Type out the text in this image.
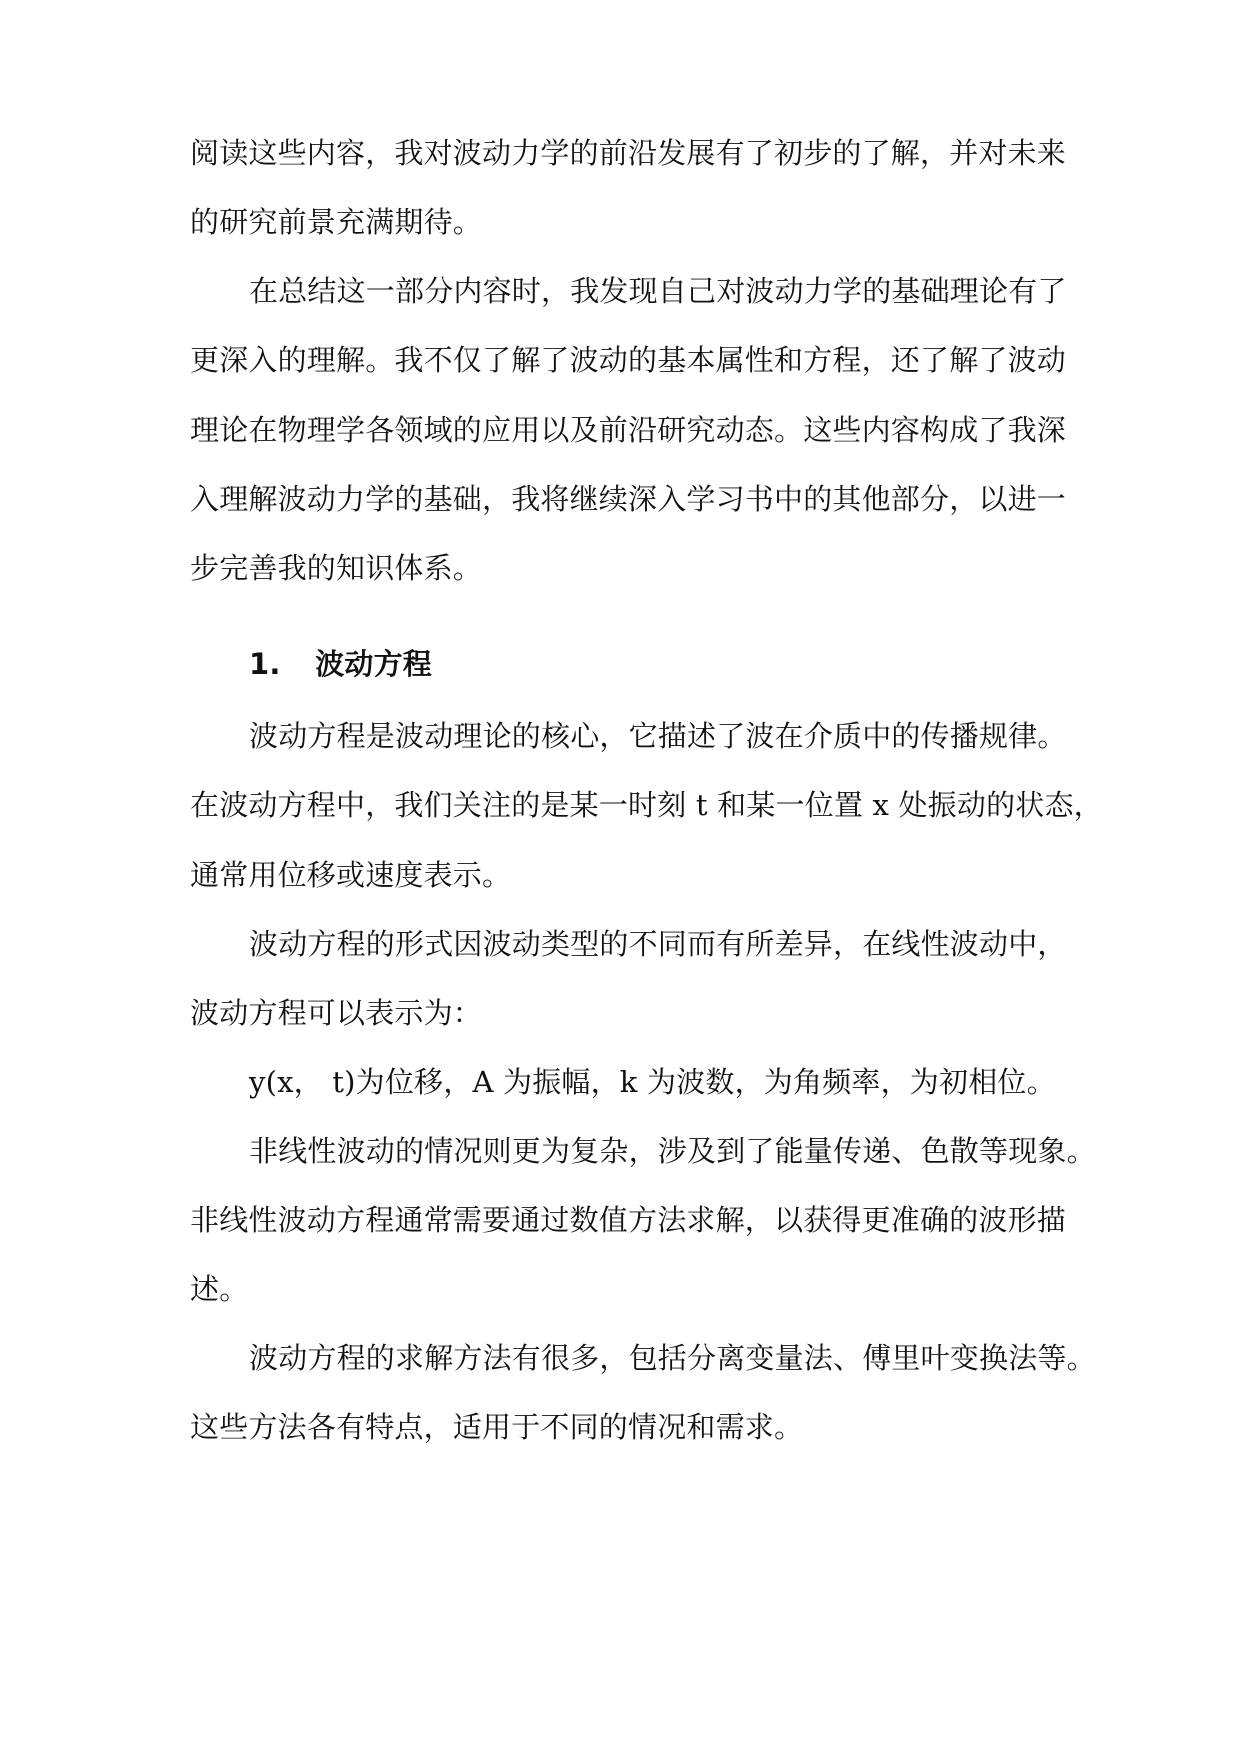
阅读这些内容，我对波动力学的前沿发展有了初步的了解，并对未来
的研究前景充满期待。
在总结这一部分内容时，我发现自己对波动力学的基础理论有了
更深入的理解。我不仅了解了波动的基本属性和方程，还了解了波动
理论在物理学各领域的应用以及前沿研究动态。这些内容构成了我深
入理解波动力学的基础，我将继续深入学习书中的其他部分，以进一
步完善我的知识体系。
1. 波动方程
波动方程是波动理论的核心，它描述了波在介质中的传播规律。
在波动方程中，我们关注的是某一时刻 t 和某一位置 x 处振动的状态，
通常用位移或速度表示。
波动方程的形式因波动类型的不同而有所差异，在线性波动中，
波动方程可以表示为：
y(x， t)为位移，A 为振幅，k 为波数，为角频率，为初相位。
非线性波动的情况则更为复杂，涉及到了能量传递、色散等现象。
非线性波动方程通常需要通过数值方法求解，以获得更准确的波形描
述。
波动方程的求解方法有很多，包括分离变量法、傅里叶变换法等。
这些方法各有特点，适用于不同的情况和需求。
